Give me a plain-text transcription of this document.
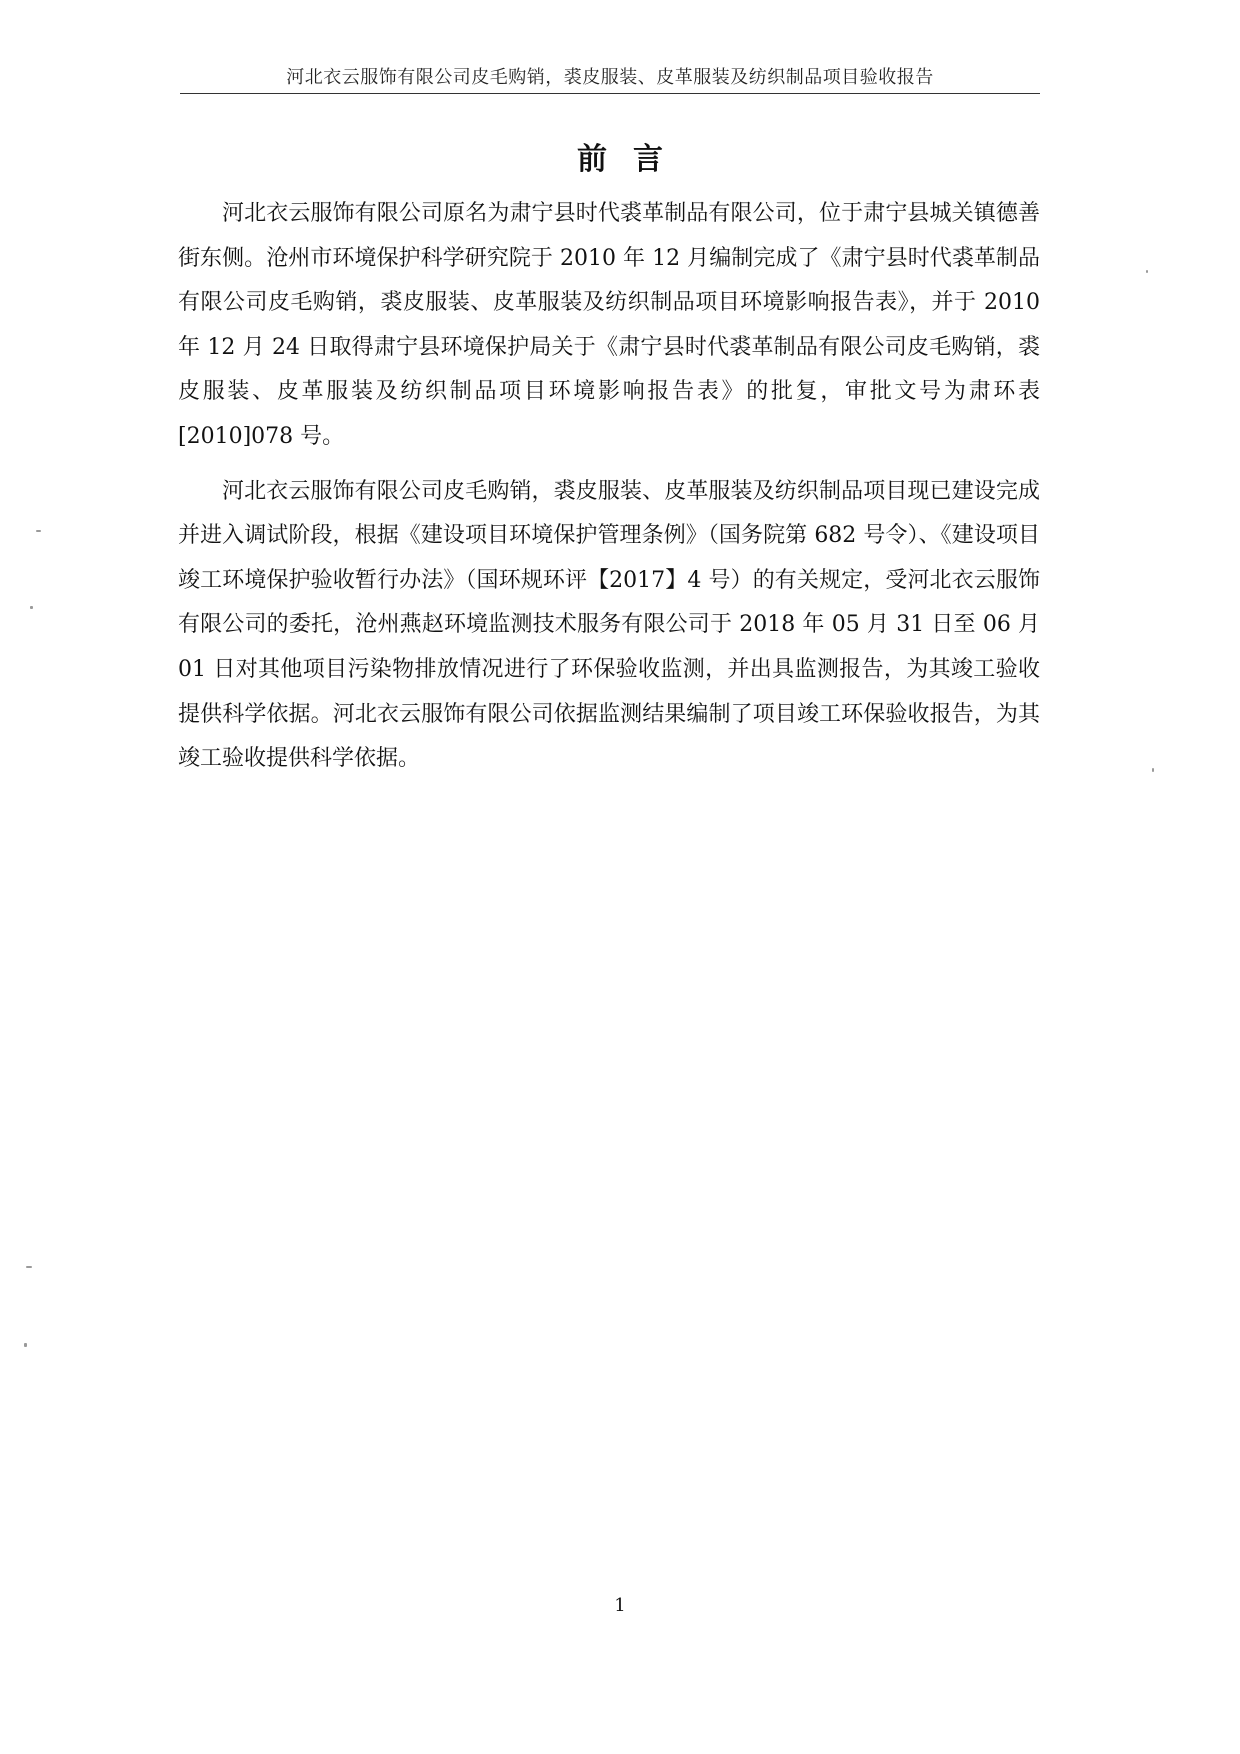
河北衣云服饰有限公司皮毛购销，裘皮服装、皮革服装及纺织制品项目验收报告
前言

河北衣云服饰有限公司原名为肃宁县时代裘革制品有限公司，位于肃宁县城关镇德善街东侧。沧州市环境保护科学研究院于 2010 年 12 月编制完成了《肃宁县时代裘革制品有限公司皮毛购销，裘皮服装、皮革服装及纺织制品项目环境影响报告表》，并于 2010 年 12 月 24 日取得肃宁县环境保护局关于《肃宁县时代裘革制品有限公司皮毛购销，裘皮服装、皮革服装及纺织制品项目环境影响报告表》的批复，审批文号为肃环表[2010]078 号。

河北衣云服饰有限公司皮毛购销，裘皮服装、皮革服装及纺织制品项目现已建设完成并进入调试阶段，根据《建设项目环境保护管理条例》（国务院第 682 号令）、《建设项目竣工环境保护验收暂行办法》（国环规环评【2017】4 号）的有关规定，受河北衣云服饰有限公司的委托，沧州燕赵环境监测技术服务有限公司于 2018 年 05 月 31 日至 06 月 01 日对其他项目污染物排放情况进行了环保验收监测，并出具监测报告，为其竣工验收提供科学依据。河北衣云服饰有限公司依据监测结果编制了项目竣工环保验收报告，为其竣工验收提供科学依据。

1
